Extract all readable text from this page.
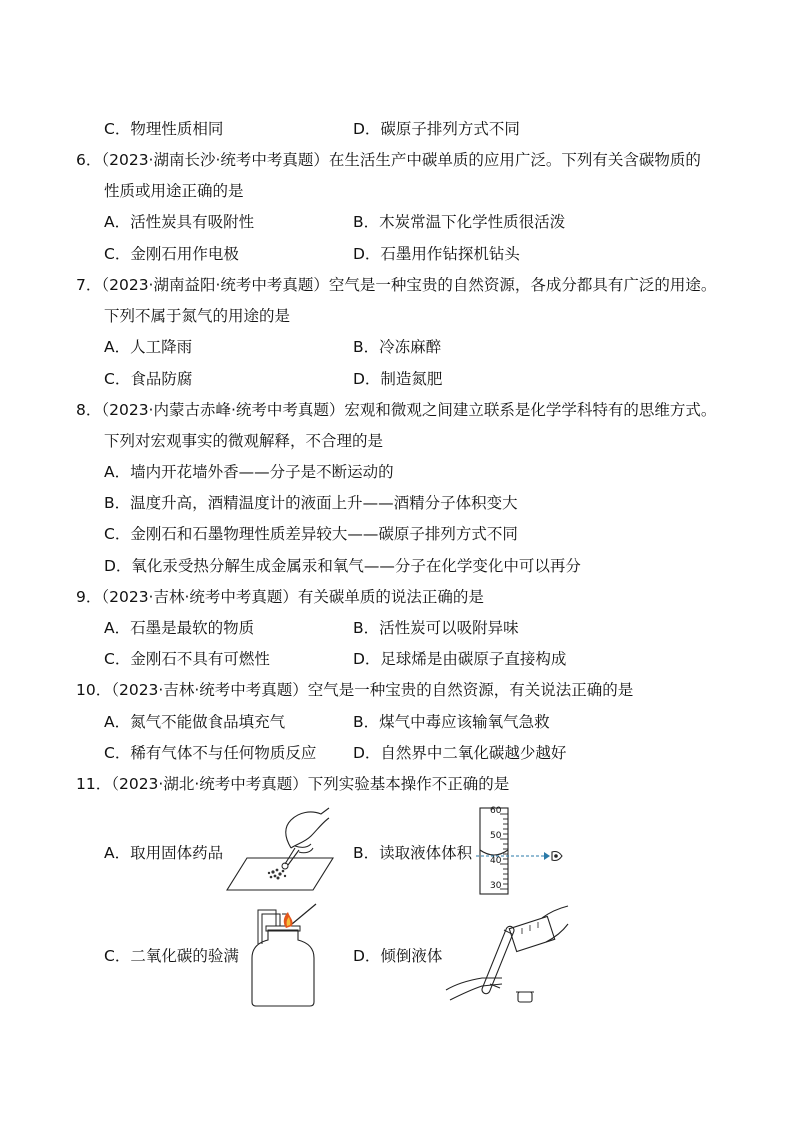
C．物理性质相同	D．碳原子排列方式不同
6．（2023·湖南长沙·统考中考真题）在生活生产中碳单质的应用广泛。下列有关含碳物质的
性质或用途正确的是
A．活性炭具有吸附性	B．木炭常温下化学性质很活泼
C．金刚石用作电极	D．石墨用作钻探机钻头
7．（2023·湖南益阳·统考中考真题）空气是一种宝贵的自然资源，各成分都具有广泛的用途。
下列不属于氮气的用途的是
A．人工降雨	B．冷冻麻醉
C．食品防腐	D．制造氮肥
8．（2023·内蒙古赤峰·统考中考真题）宏观和微观之间建立联系是化学学科特有的思维方式。
下列对宏观事实的微观解释，不合理的是
A．墙内开花墙外香——分子是不断运动的
B．温度升高，酒精温度计的液面上升——酒精分子体积变大
C．金刚石和石墨物理性质差异较大——碳原子排列方式不同
D．氧化汞受热分解生成金属汞和氧气——分子在化学变化中可以再分
9．（2023·吉林·统考中考真题）有关碳单质的说法正确的是
A．石墨是最软的物质	B．活性炭可以吸附异味
C．金刚石不具有可燃性	D．足球烯是由碳原子直接构成
10．（2023·吉林·统考中考真题）空气是一种宝贵的自然资源，有关说法正确的是
A．氮气不能做食品填充气	B．煤气中毒应该输氧气急救
C．稀有气体不与任何物质反应 D．自然界中二氧化碳越少越好
11．（2023·湖北·统考中考真题）下列实验基本操作不正确的是
A．取用固体药品	B．读取液体体积
C．二氧化碳的验满	D．倾倒液体
60
50
40
30
